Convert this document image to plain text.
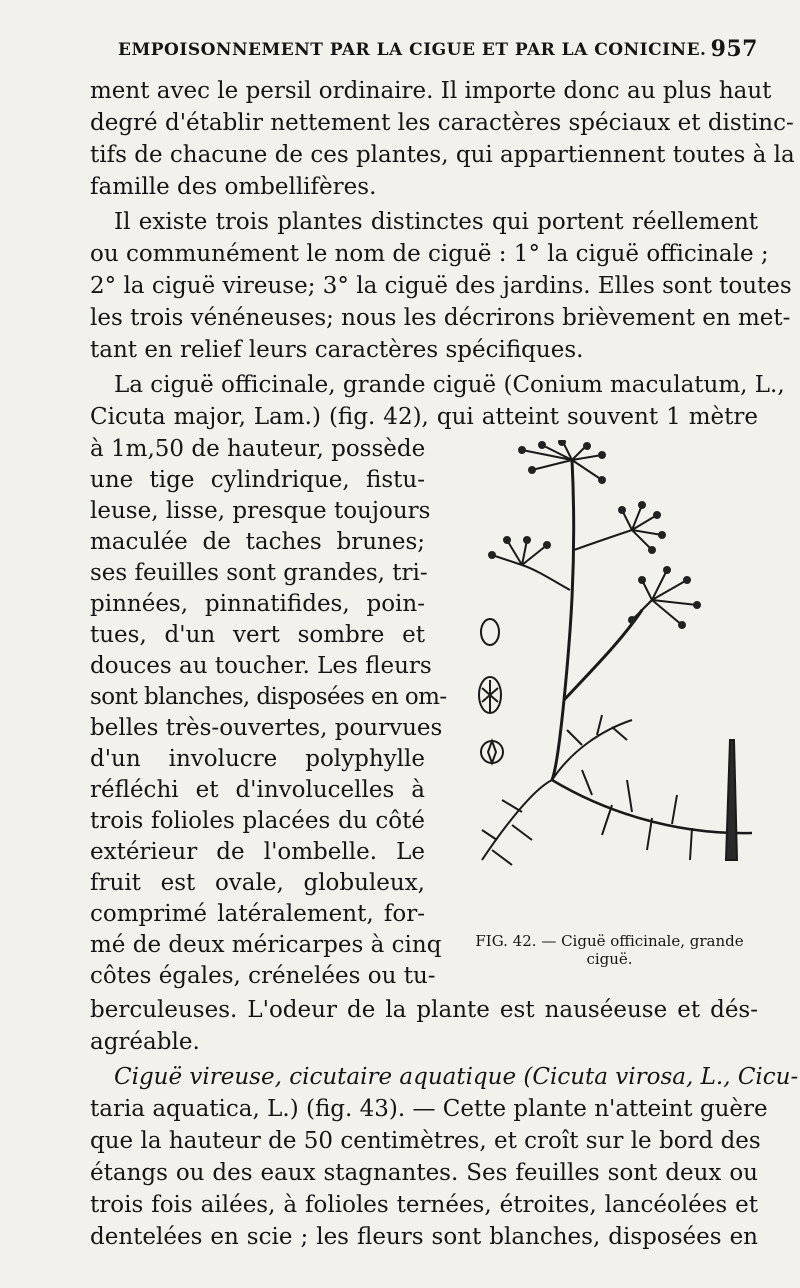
EMPOISONNEMENT PAR LA CIGUE ET PAR LA CONICINE. 957
ment avec le persil ordinaire. Il importe donc au plus haut
degré d'établir nettement les caractères spéciaux et distinc-
tifs de chacune de ces plantes, qui appartiennent toutes à la
famille des ombellifères.
Il existe trois plantes distinctes qui portent réellement
ou communément le nom de ciguë : 1° la ciguë officinale ;
2° la ciguë vireuse; 3° la ciguë des jardins. Elles sont toutes
les trois vénéneuses; nous les décrirons brièvement en met-
tant en relief leurs caractères spécifiques.
La ciguë officinale, grande ciguë (Conium maculatum, L.,
Cicuta major, Lam.) (fig. 42), qui atteint souvent 1 mètre
à 1m,50 de hauteur, possède
une tige cylindrique, fistu-
leuse, lisse, presque toujours
maculée de taches brunes;
ses feuilles sont grandes, tri-
pinnées, pinnatifides, poin-
tues, d'un vert sombre et
douces au toucher. Les fleurs
sont blanches, disposées en om-
belles très-ouvertes, pourvues
d'un involucre polyphylle
réfléchi et d'involucelles à
trois folioles placées du côté
extérieur de l'ombelle. Le
fruit est ovale, globuleux,
comprimé latéralement, for-
mé de deux méricarpes à cinq
côtes égales, crénelées ou tu-
berculeuses. L'odeur de la plante est nauséeuse et dés-
agréable.
Ciguë vireuse, cicutaire aquatique (Cicuta virosa, L., Cicu-
taria aquatica, L.) (fig. 43). — Cette plante n'atteint guère
que la hauteur de 50 centimètres, et croît sur le bord des
étangs ou des eaux stagnantes. Ses feuilles sont deux ou
trois fois ailées, à folioles ternées, étroites, lancéolées et
dentelées en scie ; les fleurs sont blanches, disposées en
FIG. 42. — Ciguë officinale, grande ciguë.
